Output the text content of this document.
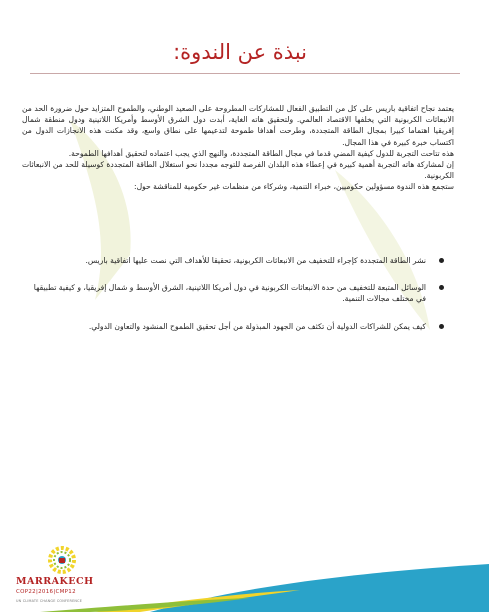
نبذة عن الندوة:

يعتمد نجاح اتفاقية باريس على كل من التطبيق الفعال للمشاركات المطروحة على الصعيد الوطني، والطموح المتزايد حول ضرورة الحد من الانبعاثات الكربونية التي يخلفها الاقتصاد العالمي. ولتحقيق هاته الغاية، أبدت دول الشرق الأوسط وأمريكا اللاتينية ودول منطقة شمال إفريقيا اهتماما كبيرا بمجال الطاقة المتجددة، وطرحت أهدافا طموحة لتدعيمها على نطاق واسع، وقد مكنت هذه الانجازات الدول من اكتساب خبرة كبيرة في هذا المجال.

هذه تتاحت التجربة للدول كيفية المضي قدما في مجال الطاقة المتجددة، والنهج الذي يجب اعتماده لتحقيق أهدافها الطموحة.

إن لمشاركة هاته التجربة أهمية كبيرة في إعطاء هذه البلدان الفرصة للتوجه مجددا نحو استغلال الطاقة المتجددة كوسيلة للحد من الانبعاثات الكربونية.

ستجمع هذه الندوة مسؤولين حكوميين، خبراء التنمية، وشركاء من منظمات غير حكومية للمناقشة حول:

نشر الطاقة المتجددة كإجراء للتخفيف من الانبعاثات الكربونية، تحقيقا للأهداف التي نصت عليها اتفاقية باريس.
الوسائل المتبعة للتخفيف من حدة الانبعاثات الكربونية في دول أمريكا اللاتينية، الشرق الأوسط و شمال إفريقيا، و كيفية تطبيقها في مختلف مجالات التنمية.
كيف يمكن للشراكات الدولية أن تكثف من الجهود المبذولة من أجل تحقيق الطموح المنشود والتعاون الدولي.
MARRAKECH
COP22|2016|CMP12
UN CLIMATE CHANGE CONFERENCE
